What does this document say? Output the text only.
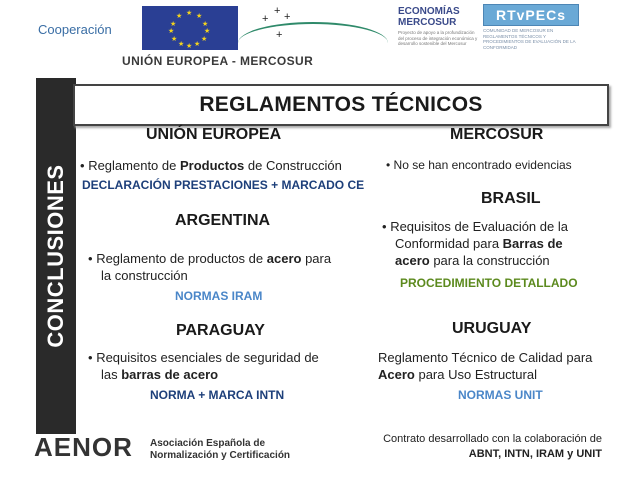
Cooperación
★ ★
★
★
★
★
★
★
★
★
★
★	+
+ +
+
UNIÓN EUROPEA - MERCOSUR
ECONOMÍAS
MERCOSUR
Proyecto de apoyo a la profundización del proceso de integración económica y desarrollo sostenible del Mercosur
RTvPECs
COMUNIDAD DE MERCOSUR EN REGLAMENTOS TÉCNICOS Y PROCEDIMIENTOS DE EVALUACIÓN DE LA CONFORMIDAD
CONCLUSIONES
REGLAMENTOS TÉCNICOS
UNIÓN EUROPEA
• Reglamento de Productos de Construcción
DECLARACIÓN PRESTACIONES + MARCADO CE
MERCOSUR
• No se han encontrado evidencias
BRASIL
• Requisitos de Evaluación de la
Conformidad para Barras de
acero para la construcción
PROCEDIMIENTO DETALLADO
ARGENTINA
• Reglamento de productos de acero para
la construcción
NORMAS IRAM
PARAGUAY
• Requisitos esenciales de seguridad de
las barras de acero
NORMA + MARCA INTN
URUGUAY
Reglamento Técnico de Calidad para
Acero para Uso Estructural
NORMAS UNIT
AENOR Asociación Española de
Normalización y Certificación
Contrato desarrollado con la colaboración de
ABNT, INTN, IRAM y UNIT
